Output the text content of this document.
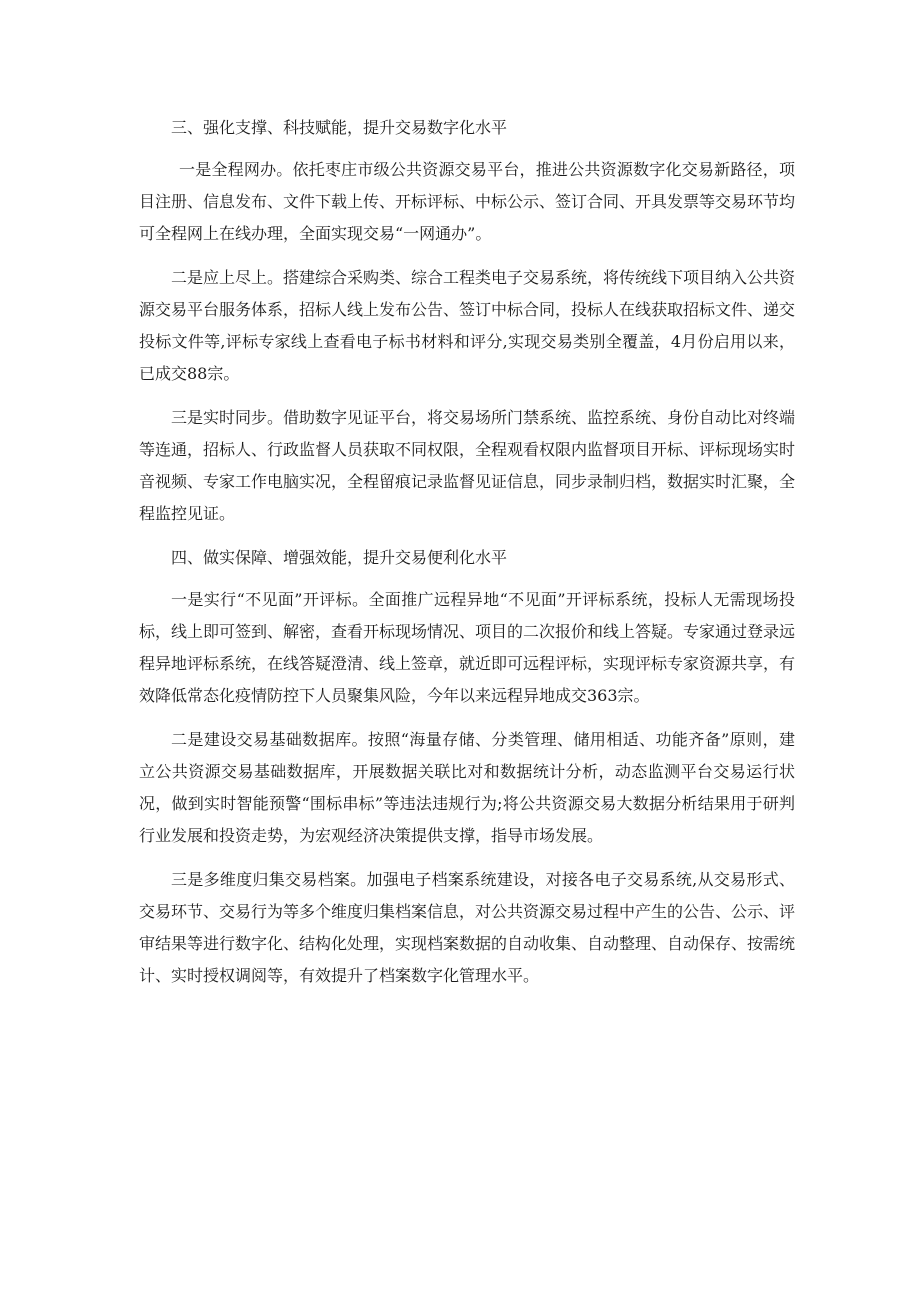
三、强化支撑、科技赋能，提升交易数字化水平

一是全程网办。依托枣庄市级公共资源交易平台，推进公共资源数字化交易新路径，项目注册、信息发布、文件下载上传、开标评标、中标公示、签订合同、开具发票等交易环节均可全程网上在线办理，全面实现交易“一网通办”。

二是应上尽上。搭建综合采购类、综合工程类电子交易系统，将传统线下项目纳入公共资源交易平台服务体系，招标人线上发布公告、签订中标合同，投标人在线获取招标文件、递交投标文件等,评标专家线上查看电子标书材料和评分,实现交易类别全覆盖，4月份启用以来，已成交88宗。

三是实时同步。借助数字见证平台，将交易场所门禁系统、监控系统、身份自动比对终端等连通，招标人、行政监督人员获取不同权限，全程观看权限内监督项目开标、评标现场实时音视频、专家工作电脑实况，全程留痕记录监督见证信息，同步录制归档，数据实时汇聚，全程监控见证。

四、做实保障、增强效能，提升交易便利化水平

一是实行“不见面”开评标。全面推广远程异地“不见面”开评标系统，投标人无需现场投标，线上即可签到、解密，查看开标现场情况、项目的二次报价和线上答疑。专家通过登录远程异地评标系统，在线答疑澄清、线上签章，就近即可远程评标，实现评标专家资源共享，有效降低常态化疫情防控下人员聚集风险，今年以来远程异地成交363宗。

二是建设交易基础数据库。按照“海量存储、分类管理、储用相适、功能齐备”原则，建立公共资源交易基础数据库，开展数据关联比对和数据统计分析，动态监测平台交易运行状况，做到实时智能预警“围标串标”等违法违规行为;将公共资源交易大数据分析结果用于研判行业发展和投资走势，为宏观经济决策提供支撑，指导市场发展。

三是多维度归集交易档案。加强电子档案系统建设，对接各电子交易系统,从交易形式、交易环节、交易行为等多个维度归集档案信息，对公共资源交易过程中产生的公告、公示、评审结果等进行数字化、结构化处理，实现档案数据的自动收集、自动整理、自动保存、按需统计、实时授权调阅等，有效提升了档案数字化管理水平。
